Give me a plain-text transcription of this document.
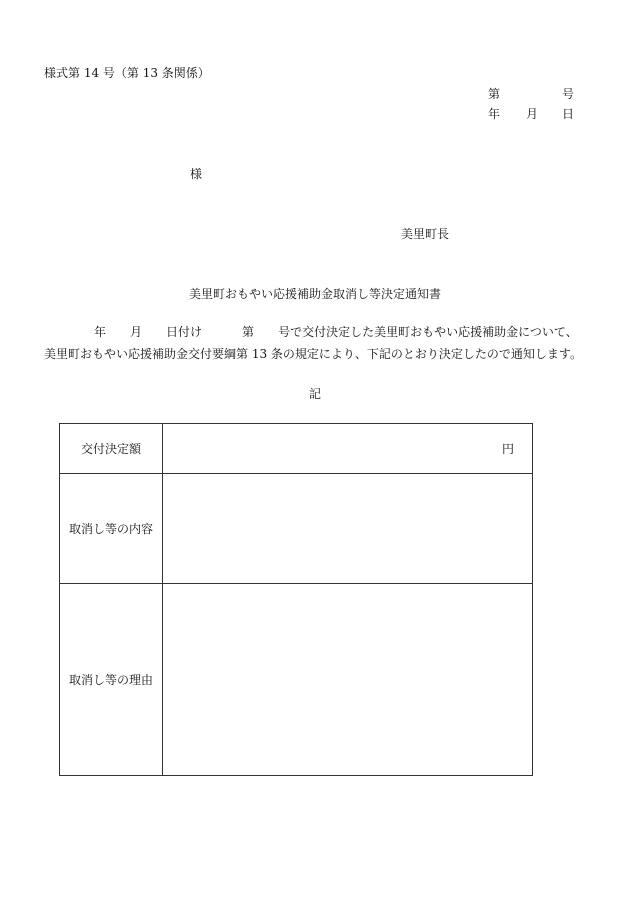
様式第 14 号（第 13 条関係）
第	号
年 月 日
様
美里町長
美里町おもやい応援補助金取消し等決定通知書
年 月 日付け	第 号で交付決定した美里町おもやい応援補助金について、
美里町おもやい応援補助金交付要綱第 13 条の規定により、下記のとおり決定したので通知します。
記
交付決定額	円
取消し等の内容	
取消し等の理由	
